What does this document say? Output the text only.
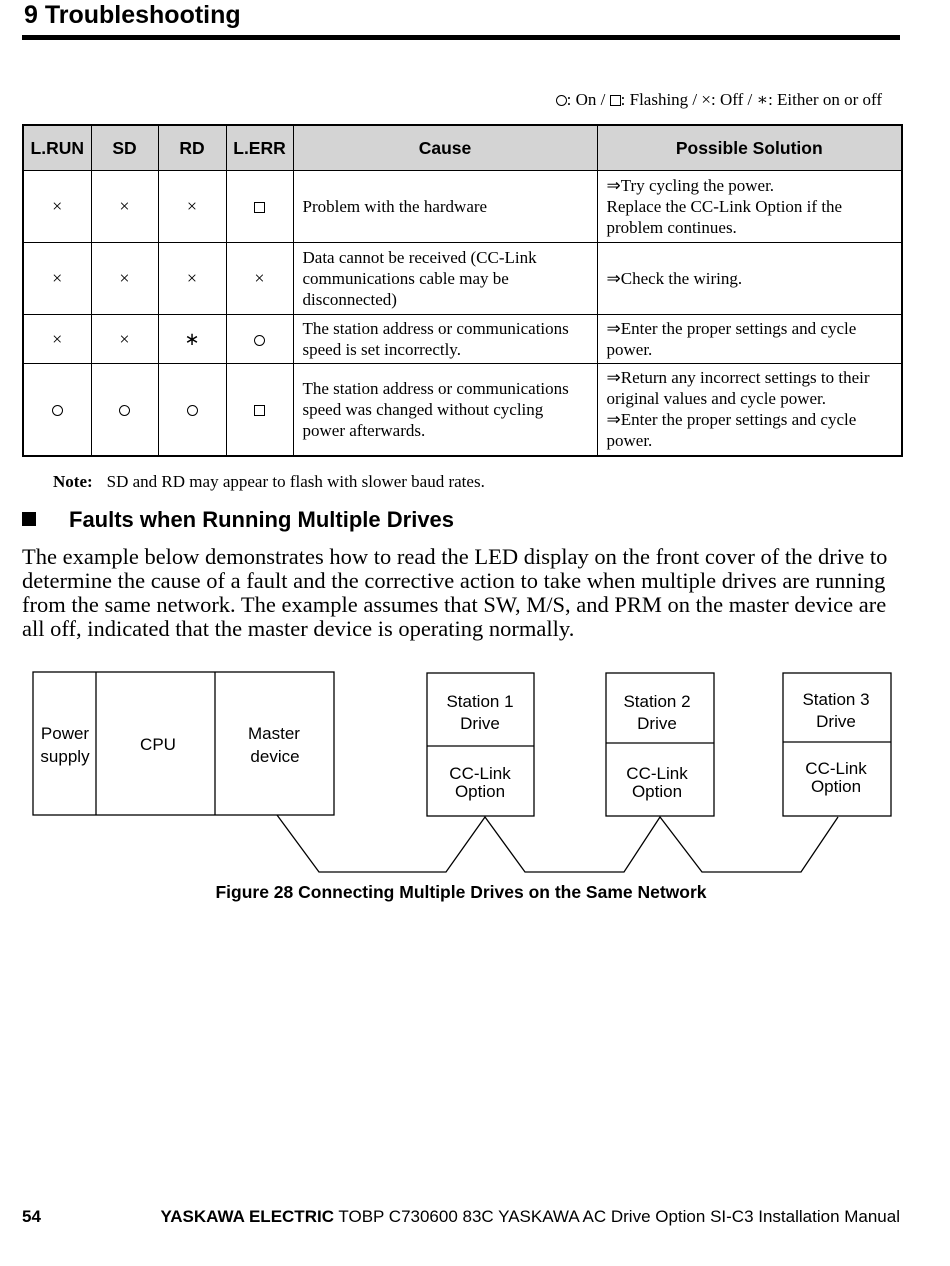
9 Troubleshooting
: On / : Flashing / ×: Off / ∗: Either on or off
L.RUN	SD	RD	L.ERR	Cause	Possible Solution
×	×	×		Problem with the hardware	⇒Try cycling the power.
Replace the CC-Link Option if the problem continues.

×	×	×	×	Data cannot be received (CC-Link communications cable may be disconnected)	⇒Check the wiring.

×	×	∗		The station address or communications speed is set incorrectly.	⇒Enter the proper settings and cycle power.

				The station address or communications speed was changed without cycling power afterwards.	⇒Return any incorrect settings to their original values and cycle power.
⇒Enter the proper settings and cycle power.
Note: SD and RD may appear to flash with slower baud rates.
Faults when Running Multiple Drives
The example below demonstrates how to read the LED display on the front cover of the drive to determine the cause of a fault and the corrective action to take when multiple drives are running from the same network. The example assumes that SW, M/S, and PRM on the master device are all off, indicated that the master device is operating normally.
Power
supply
CPU
Master
device
Station 1
Drive
CC-Link
Option
Station 2
Drive
CC-Link
Option
Station 3
Drive
CC-Link
Option
Figure 28 Connecting Multiple Drives on the Same Network
54	YASKAWA ELECTRIC TOBP C730600 83C YASKAWA AC Drive Option SI-C3 Installation Manual
